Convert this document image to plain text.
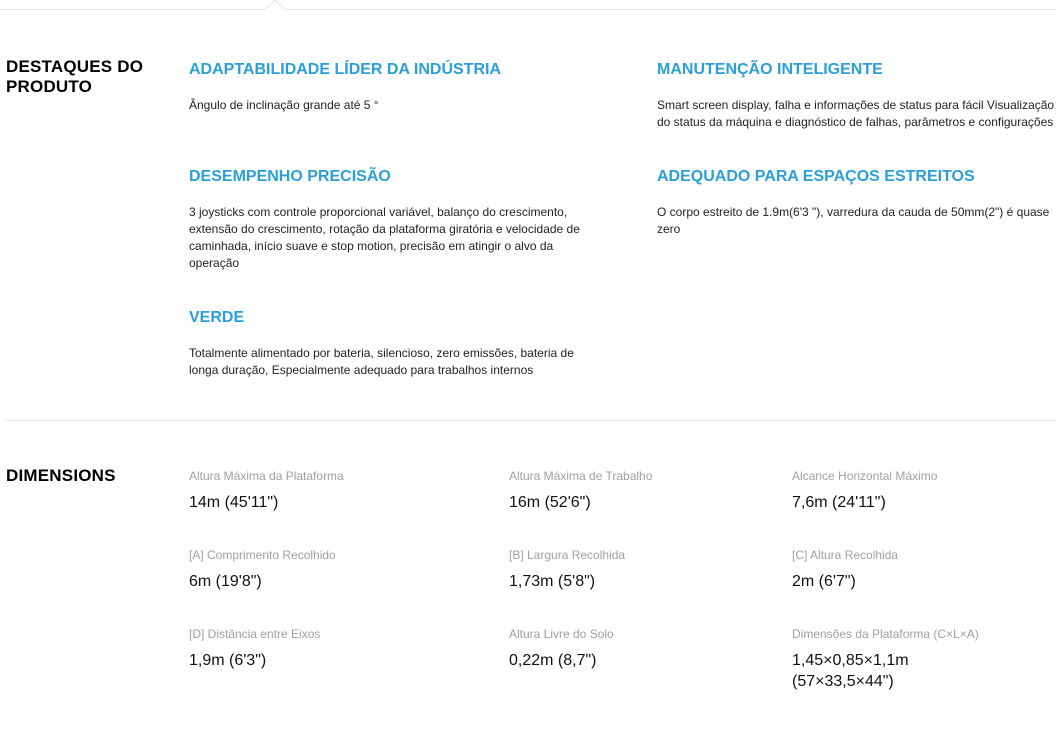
DESTAQUES DO PRODUTO
ADAPTABILIDADE LÍDER DA INDÚSTRIA

Ângulo de inclinação grande até 5 °

MANUTENÇÃO INTELIGENTE

Smart screen display, falha e informações de status para fácil Visualização
do status da máquina e diagnóstico de falhas, parâmetros e configurações

DESEMPENHO PRECISÃO

3 joysticks com controle proporcional variável, balanço do crescimento, extensão do crescimento, rotação da plataforma giratória e velocidade de caminhada, início suave e stop motion, precisão em atingir o alvo da operação

ADEQUADO PARA ESPAÇOS ESTREITOS

O corpo estreito de 1.9m(6'3 "), varredura da cauda de 50mm(2") é quase zero

VERDE

Totalmente alimentado por bateria, silencioso, zero emissões, bateria de longa duração, Especialmente adequado para trabalhos internos

DIMENSIONS	Altura Máxima da Plataforma
14m (45'11")
Altura Máxima de Trabalho
16m (52'6")
Alcance Horizontal Máximo
7,6m (24'11")
[A] Comprimento Recolhido
6m (19'8")
[B] Largura Recolhida
1,73m (5'8")
[C] Altura Recolhida
2m (6'7")
[D] Distância entre Eixos
1,9m (6'3")
Altura Livre do Solo
0,22m (8,7")
Dimensões da Plataforma (C×L×A)
1,45×0,85×1,1m
(57×33,5×44")
